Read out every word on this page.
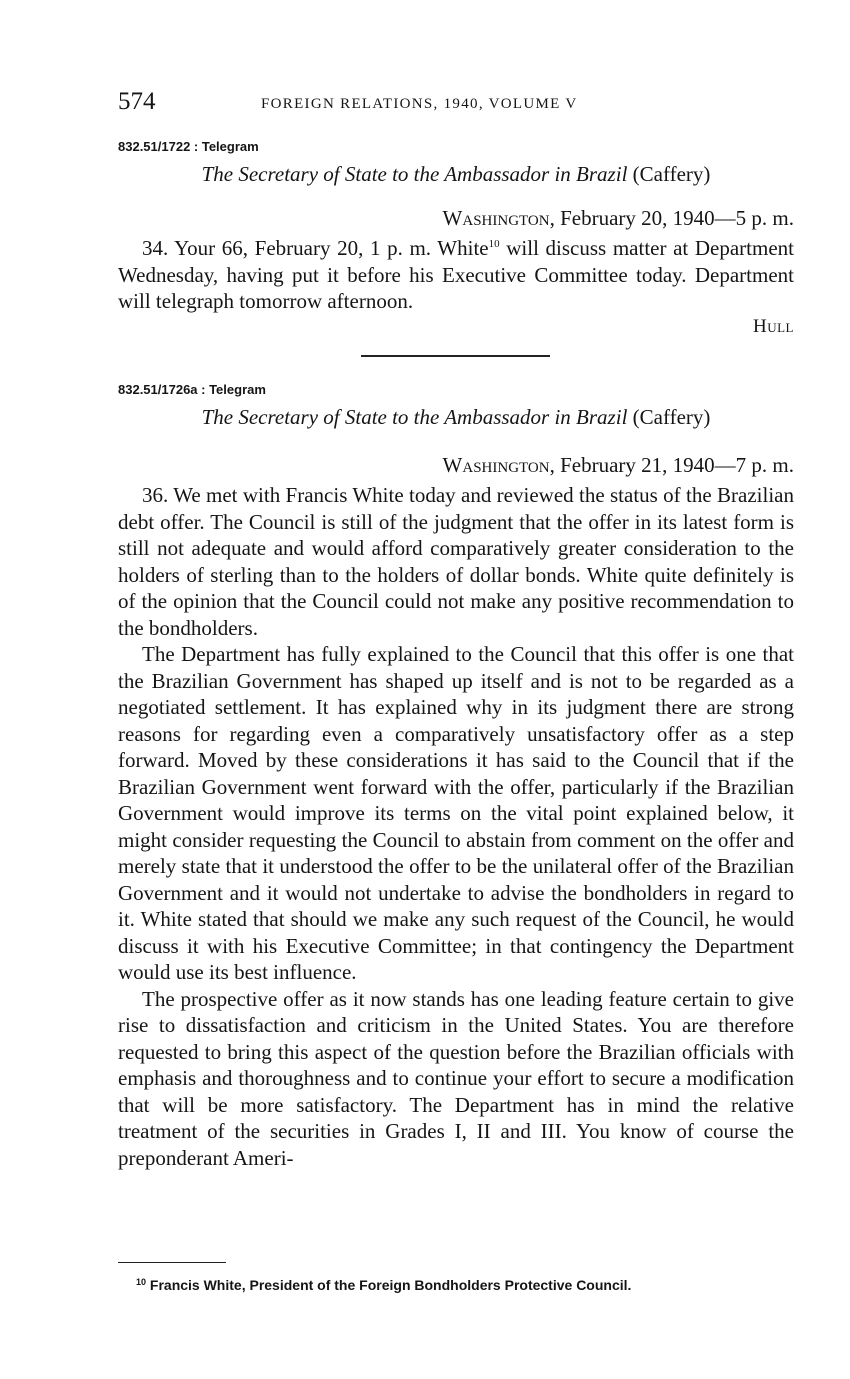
574	FOREIGN RELATIONS, 1940, VOLUME V
832.51/1722 : Telegram
The Secretary of State to the Ambassador in Brazil (Caffery)
Washington, February 20, 1940—5 p. m.

34. Your 66, February 20, 1 p. m. White$^{10}$ will discuss matter at Department Wednesday, having put it before his Executive Committee today. Department will telegraph tomorrow afternoon.

Hull
832.51/1726a : Telegram
The Secretary of State to the Ambassador in Brazil (Caffery)
Washington, February 21, 1940—7 p. m.

36. We met with Francis White today and reviewed the status of the Brazilian debt offer. The Council is still of the judgment that the offer in its latest form is still not adequate and would afford comparatively greater consideration to the holders of sterling than to the holders of dollar bonds. White quite definitely is of the opinion that the Council could not make any positive recommendation to the bondholders.

The Department has fully explained to the Council that this offer is one that the Brazilian Government has shaped up itself and is not to be regarded as a negotiated settlement. It has explained why in its judgment there are strong reasons for regarding even a comparatively unsatisfactory offer as a step forward. Moved by these considerations it has said to the Council that if the Brazilian Government went forward with the offer, particularly if the Brazilian Government would improve its terms on the vital point explained below, it might consider requesting the Council to abstain from comment on the offer and merely state that it understood the offer to be the unilateral offer of the Brazilian Government and it would not undertake to advise the bondholders in regard to it. White stated that should we make any such request of the Council, he would discuss it with his Executive Committee; in that contingency the Department would use its best influence.

The prospective offer as it now stands has one leading feature certain to give rise to dissatisfaction and criticism in the United States. You are therefore requested to bring this aspect of the question before the Brazilian officials with emphasis and thoroughness and to continue your effort to secure a modification that will be more satisfactory. The Department has in mind the relative treatment of the securities in Grades I, II and III. You know of course the preponderant Ameri-

$^{10}$ Francis White, President of the Foreign Bondholders Protective Council.
